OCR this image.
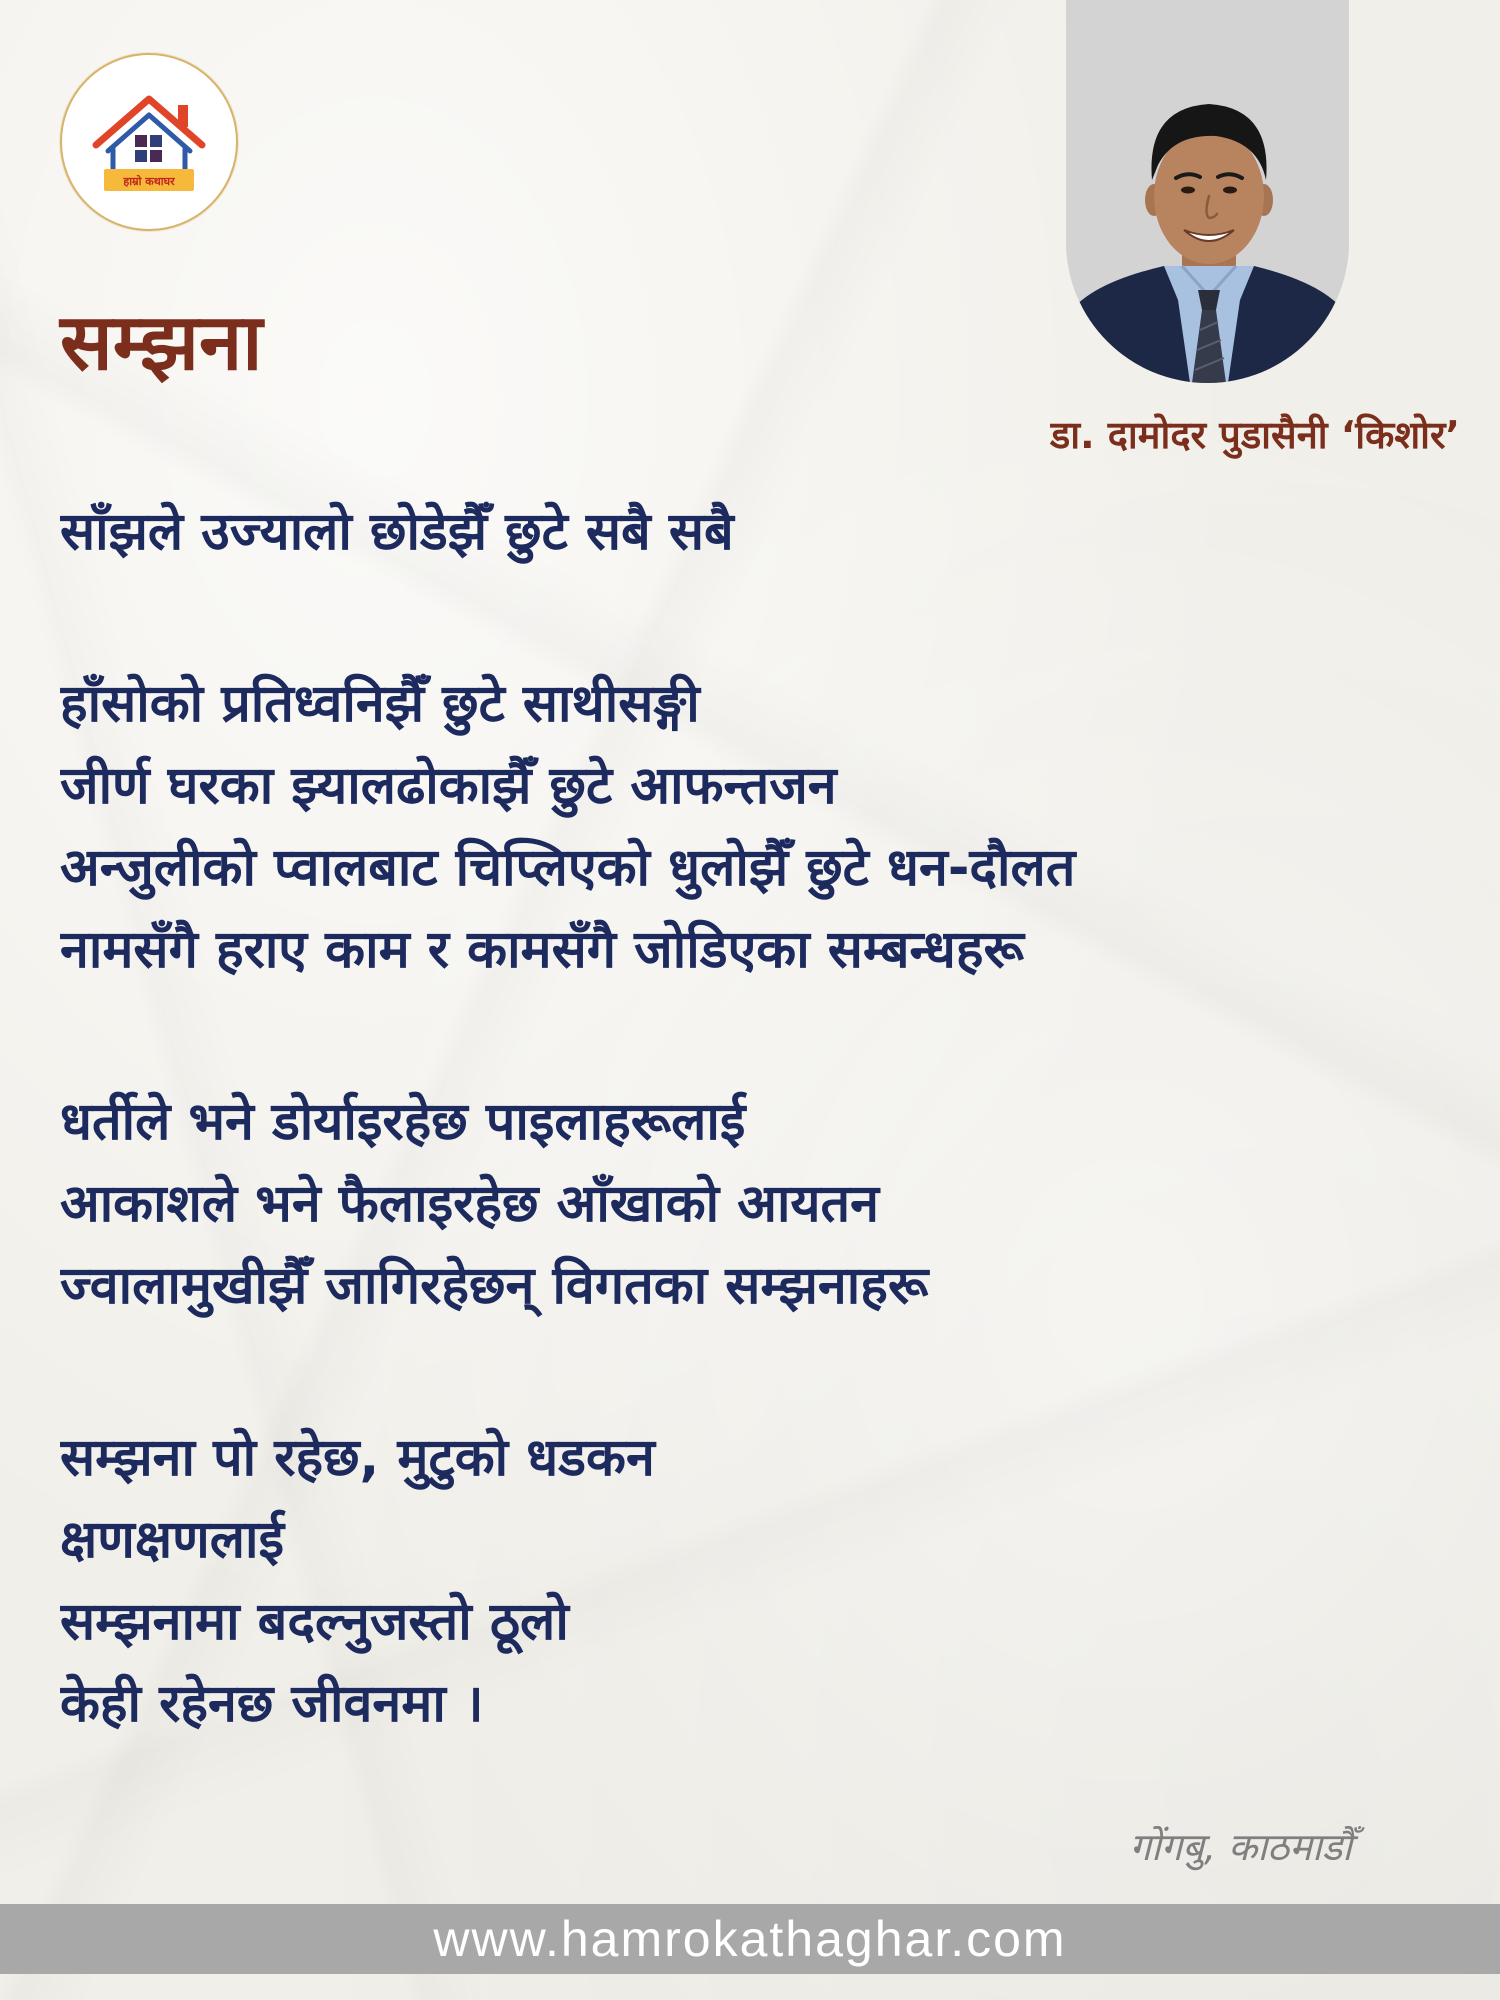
हाम्रो कथाघर
सम्झना
डा. दामोदर पुडासैनी ‘किशोर’
साँझले उज्यालो छोडेझैँ छुटे सबै सबै
हाँसोको प्रतिध्वनिझैँ छुटे साथीसङ्गी
जीर्ण घरका झ्यालढोकाझैँ छुटे आफन्तजन
अन्जुलीको प्वालबाट चिप्लिएको धुलोझैँ छुटे धन-दौलत
नामसँगै हराए काम र कामसँगै जोडिएका सम्बन्धहरू
धर्तीले भने डोर्याइरहेछ पाइलाहरूलाई
आकाशले भने फैलाइरहेछ आँखाको आयतन
ज्वालामुखीझैँ जागिरहेछन् विगतका सम्झनाहरू
सम्झना पो रहेछ, मुटुको धडकन
क्षणक्षणलाई
सम्झनामा बदल्नुजस्तो ठूलो
केही रहेनछ जीवनमा ।
गोंगबु, काठमाडौँ
www.hamrokathaghar.com
